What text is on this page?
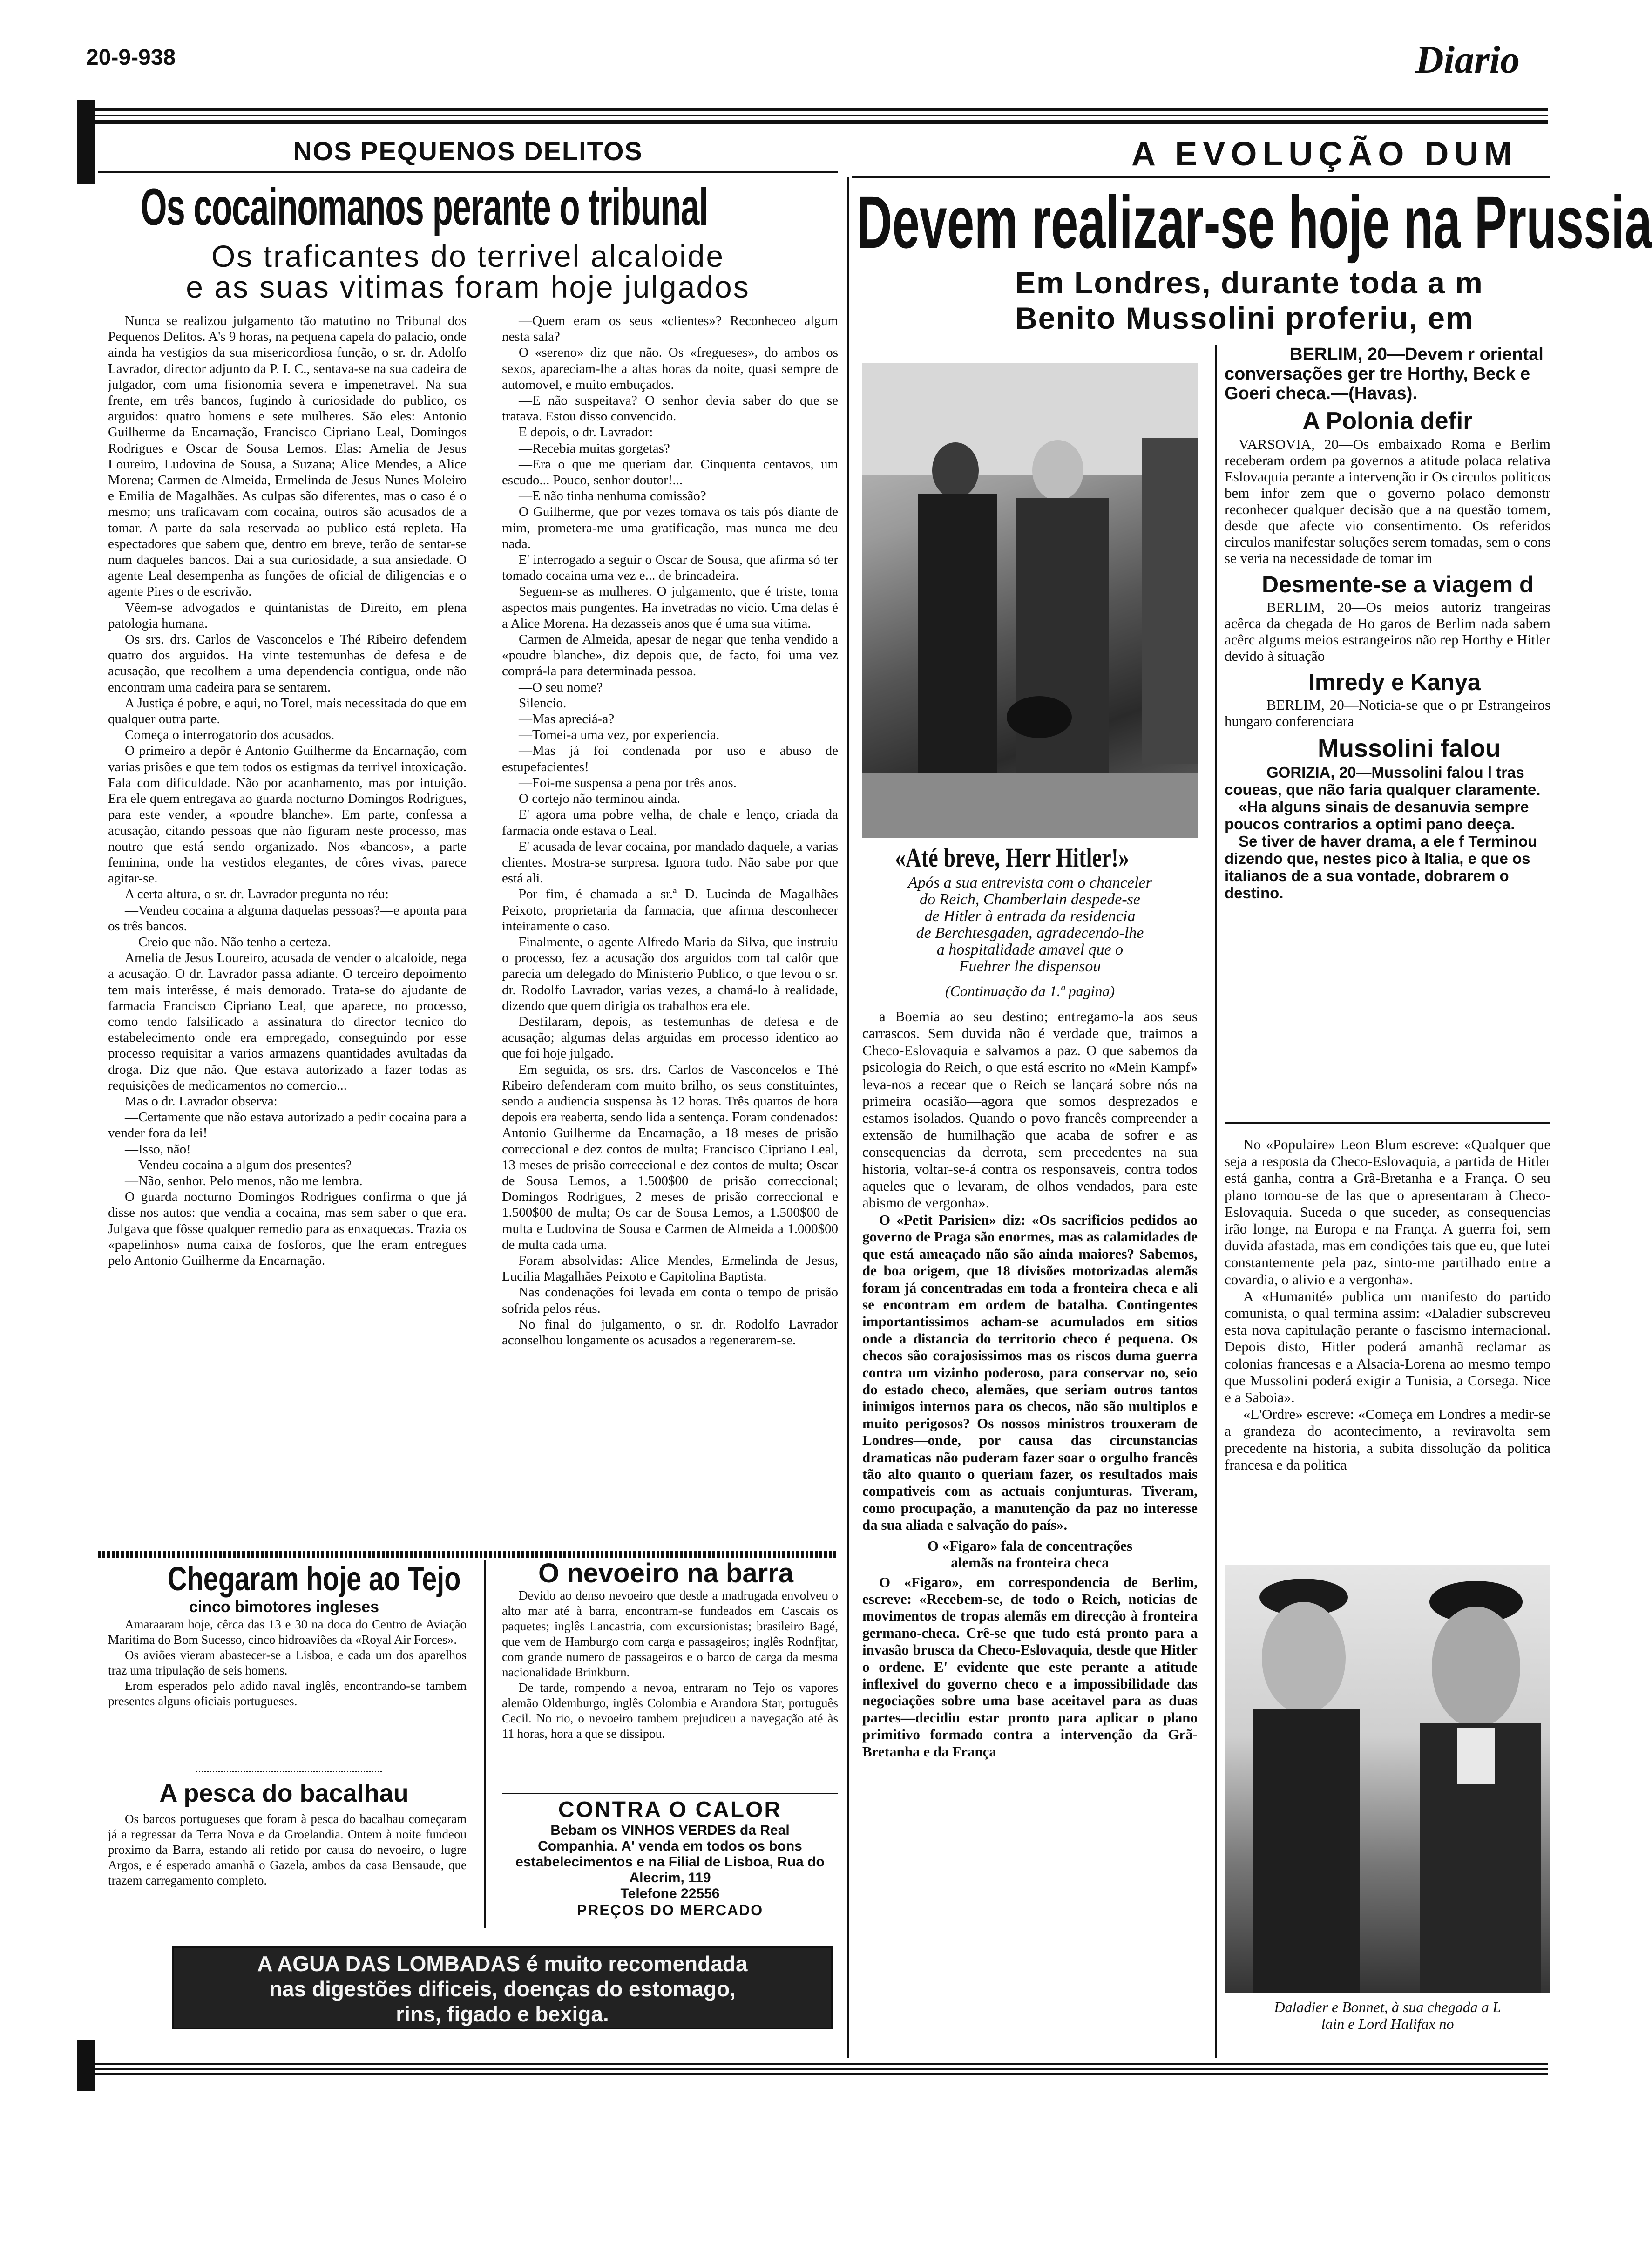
20-9-938	Diario
NOS PEQUENOS DELITOS
Os cocainomanos perante o tribunal
Os traficantes do terrivel alcaloide
e as suas vitimas foram hoje julgados

Nunca se realizou julgamento tão matutino no Tribunal dos Pequenos Delitos. A's 9 horas, na pequena capela do palacio, onde ainda ha vestigios da sua misericordiosa função, o sr. dr. Adolfo Lavrador, director adjunto da P. I. C., sentava-se na sua cadeira de julgador, com uma fisionomia severa e impenetravel. Na sua frente, em três bancos, fugindo à curiosidade do publico, os arguidos: quatro homens e sete mulheres. São eles: Antonio Guilherme da Encarnação, Francisco Cipriano Leal, Domingos Rodrigues e Oscar de Sousa Lemos. Elas: Amelia de Jesus Loureiro, Ludovina de Sousa, a Suzana; Alice Mendes, a Alice Morena; Carmen de Almeida, Ermelinda de Jesus Nunes Moleiro e Emilia de Magalhães. As culpas são diferentes, mas o caso é o mesmo; uns traficavam com cocaina, outros são acusados de a tomar. A parte da sala reservada ao publico está repleta. Ha espectadores que sabem que, dentro em breve, terão de sentar-se num daqueles bancos. Dai a sua curiosidade, a sua ansiedade. O agente Leal desempenha as funções de oficial de diligencias e o agente Pires o de escrivão.

Vêem-se advogados e quintanistas de Direito, em plena patologia humana.

Os srs. drs. Carlos de Vasconcelos e Thé Ribeiro defendem quatro dos arguidos. Ha vinte testemunhas de defesa e de acusação, que recolhem a uma dependencia contigua, onde não encontram uma cadeira para se sentarem.

A Justiça é pobre, e aqui, no Torel, mais necessitada do que em qualquer outra parte.

Começa o interrogatorio dos acusados.

O primeiro a depôr é Antonio Guilherme da Encarnação, com varias prisões e que tem todos os estigmas da terrivel intoxicação. Fala com dificuldade. Não por acanhamento, mas por intuição. Era ele quem entregava ao guarda nocturno Domingos Rodrigues, para este vender, a «poudre blanche». Em parte, confessa a acusação, citando pessoas que não figuram neste processo, mas noutro que está sendo organizado. Nos «bancos», a parte feminina, onde ha vestidos elegantes, de côres vivas, parece agitar-se.

A certa altura, o sr. dr. Lavrador pregunta no réu:

—Vendeu cocaina a alguma daquelas pessoas?—e aponta para os três bancos.

—Creio que não. Não tenho a certeza.

Amelia de Jesus Loureiro, acusada de vender o alcaloide, nega a acusação. O dr. Lavrador passa adiante. O terceiro depoimento tem mais interêsse, é mais demorado. Trata-se do ajudante de farmacia Francisco Cipriano Leal, que aparece, no processo, como tendo falsificado a assinatura do director tecnico do estabelecimento onde era empregado, conseguindo por esse processo requisitar a varios armazens quantidades avultadas da droga. Diz que não. Que estava autorizado a fazer todas as requisições de medicamentos no comercio...

Mas o dr. Lavrador observa:

—Certamente que não estava autorizado a pedir cocaina para a vender fora da lei!

—Isso, não!

—Vendeu cocaina a algum dos presentes?

—Não, senhor. Pelo menos, não me lembra.

O guarda nocturno Domingos Rodrigues confirma o que já disse nos autos: que vendia a cocaina, mas sem saber o que era. Julgava que fôsse qualquer remedio para as enxaquecas. Trazia os «papelinhos» numa caixa de fosforos, que lhe eram entregues pelo Antonio Guilherme da Encarnação.

—Quem eram os seus «clientes»? Reconheceo algum nesta sala?

O «sereno» diz que não. Os «fregueses», do ambos os sexos, apareciam-lhe a altas horas da noite, quasi sempre de automovel, e muito embuçados.

—E não suspeitava? O senhor devia saber do que se tratava. Estou disso convencido.

E depois, o dr. Lavrador:

—Recebia muitas gorgetas?

—Era o que me queriam dar. Cinquenta centavos, um escudo... Pouco, senhor doutor!...

—E não tinha nenhuma comissão?

O Guilherme, que por vezes tomava os tais pós diante de mim, prometera-me uma gratificação, mas nunca me deu nada.

E' interrogado a seguir o Oscar de Sousa, que afirma só ter tomado cocaina uma vez e... de brincadeira.

Seguem-se as mulheres. O julgamento, que é triste, toma aspectos mais pungentes. Ha invetradas no vicio. Uma delas é a Alice Morena. Ha dezasseis anos que é uma sua vitima.

Carmen de Almeida, apesar de negar que tenha vendido a «poudre blanche», diz depois que, de facto, foi uma vez comprá-la para determinada pessoa.

—O seu nome?

Silencio.

—Mas apreciá-a?

—Tomei-a uma vez, por experiencia.

—Mas já foi condenada por uso e abuso de estupefacientes!

—Foi-me suspensa a pena por três anos.

O cortejo não terminou ainda.

E' agora uma pobre velha, de chale e lenço, criada da farmacia onde estava o Leal.

E' acusada de levar cocaina, por mandado daquele, a varias clientes. Mostra-se surpresa. Ignora tudo. Não sabe por que está ali.

Por fim, é chamada a sr.ª D. Lucinda de Magalhães Peixoto, proprietaria da farmacia, que afirma desconhecer inteiramente o caso.

Finalmente, o agente Alfredo Maria da Silva, que instruiu o processo, fez a acusação dos arguidos com tal calôr que parecia um delegado do Ministerio Publico, o que levou o sr. dr. Rodolfo Lavrador, varias vezes, a chamá-lo à realidade, dizendo que quem dirigia os trabalhos era ele.

Desfilaram, depois, as testemunhas de defesa e de acusação; algumas delas arguidas em processo identico ao que foi hoje julgado.

Em seguida, os srs. drs. Carlos de Vasconcelos e Thé Ribeiro defenderam com muito brilho, os seus constituintes, sendo a audiencia suspensa às 12 horas. Três quartos de hora depois era reaberta, sendo lida a sentença. Foram condenados: Antonio Guilherme da Encarnação, a 18 meses de prisão correccional e dez contos de multa; Francisco Cipriano Leal, 13 meses de prisão correccional e dez contos de multa; Oscar de Sousa Lemos, a 1.500$00 de prisão correccional; Domingos Rodrigues, 2 meses de prisão correccional e 1.500$00 de multa; Os car de Sousa Lemos, a 1.500$00 de multa e Ludovina de Sousa e Carmen de Almeida a 1.000$00 de multa cada uma.

Foram absolvidas: Alice Mendes, Ermelinda de Jesus, Lucilia Magalhães Peixoto e Capitolina Baptista.

Nas condenações foi levada em conta o tempo de prisão sofrida pelos réus.

No final do julgamento, o sr. dr. Rodolfo Lavrador aconselhou longamente os acusados a regenerarem-se.

Chegaram hoje ao Tejo
cinco bimotores ingleses

Amaraaram hoje, cêrca das 13 e 30 na doca do Centro de Aviação Maritima do Bom Sucesso, cinco hidroaviões da «Royal Air Forces».

Os aviões vieram abastecer-se a Lisboa, e cada um dos aparelhos traz uma tripulação de seis homens.

Erom esperados pelo adido naval inglês, encontrando-se tambem presentes alguns oficiais portugueses.

A pesca do bacalhau

Os barcos portugueses que foram à pesca do bacalhau começaram já a regressar da Terra Nova e da Groelandia. Ontem à noite fundeou proximo da Barra, estando ali retido por causa do nevoeiro, o lugre Argos, e é esperado amanhã o Gazela, ambos da casa Bensaude, que trazem carregamento completo.

O nevoeiro na barra

Devido ao denso nevoeiro que desde a madrugada envolveu o alto mar até à barra, encontram-se fundeados em Cascais os paquetes; inglês Lancastria, com excursionistas; brasileiro Bagé, que vem de Hamburgo com carga e passageiros; inglês Rodnfjtar, com grande numero de passageiros e o barco de carga da mesma nacionalidade Brinkburn.

De tarde, rompendo a nevoa, entraram no Tejo os vapores alemão Oldemburgo, inglês Colombia e Arandora Star, português Cecil. No rio, o nevoeiro tambem prejudiceu a navegação até às 11 horas, hora a que se dissipou.

CONTRA O CALOR
Bebam os VINHOS VERDES da Real Companhia. A' venda em todos os bons estabelecimentos e na Filial de Lisboa, Rua do Alecrim, 119
Telefone 22556
PREÇOS DO MERCADO
A AGUA DAS LOMBADAS é muito recomendada
nas digestões dificeis, doenças do estomago,
rins, figado e bexiga.
A EVOLUÇÃO DUM
Devem realizar-se hoje na Prussia
Em Londres, durante toda a m
Benito Mussolini proferiu, em
«Até breve, Herr Hitler!»
Após a sua entrevista com o chanceler
do Reich, Chamberlain despede-se
de Hitler à entrada da residencia
de Berchtesgaden, agradecendo-lhe
a hospitalidade amavel que o
Fuehrer lhe dispensou
(Continuação da 1.ª pagina)

a Boemia ao seu destino; entregamo-la aos seus carrascos. Sem duvida não é verdade que, traimos a Checo-Eslovaquia e salvamos a paz. O que sabemos da psicologia do Reich, o que está escrito no «Mein Kampf» leva-nos a recear que o Reich se lançará sobre nós na primeira ocasião—agora que somos desprezados e estamos isolados. Quando o povo francês compreender a extensão de humilhação que acaba de sofrer e as consequencias da derrota, sem precedentes na sua historia, voltar-se-á contra os responsaveis, contra todos aqueles que o levaram, de olhos vendados, para este abismo de vergonha».

O «Petit Parisien» diz: «Os sacrificios pedidos ao governo de Praga são enormes, mas as calamidades de que está ameaçado não são ainda maiores? Sabemos, de boa origem, que 18 divisões motorizadas alemãs foram já concentradas em toda a fronteira checa e ali se encontram em ordem de batalha. Contingentes importantissimos acham-se acumulados em sitios onde a distancia do territorio checo é pequena. Os checos são corajosissimos mas os riscos duma guerra contra um vizinho poderoso, para conservar no, seio do estado checo, alemães, que seriam outros tantos inimigos internos para os checos, não são multiplos e muito perigosos? Os nossos ministros trouxeram de Londres—onde, por causa das circunstancias dramaticas não puderam fazer soar o orgulho francês tão alto quanto o queriam fazer, os resultados mais compativeis com as actuais conjunturas. Tiveram, como procupação, a manutenção da paz no interesse da sua aliada e salvação do país».

O «Figaro» fala de concentrações
alemãs na fronteira checa

O «Figaro», em correspondencia de Berlim, escreve: «Recebem-se, de todo o Reich, noticias de movimentos de tropas alemãs em direcção à fronteira germano-checa. Crê-se que tudo está pronto para a invasão brusca da Checo-Eslovaquia, desde que Hitler o ordene. E' evidente que este perante a atitude inflexivel do governo checo e a impossibilidade das negociações sobre uma base aceitavel para as duas partes—decidiu estar pronto para aplicar o plano primitivo formado contra a intervenção da Grã-Bretanha e da França

BERLIM, 20—Devem r oriental conversações ger tre Horthy, Beck e Goeri checa.—(Havas).
A Polonia defir
VARSOVIA, 20—Os embaixado Roma e Berlim receberam ordem pa governos a atitude polaca relativa Eslovaquia perante a intervenção ir Os circulos politicos bem infor zem que o governo polaco demonstr reconhecer qualquer decisão que a na questão tomem, desde que afecte vio consentimento. Os referidos circulos manifestar soluções serem tomadas, sem o cons se veria na necessidade de tomar im
Desmente-se a viagem d
BERLIM, 20—Os meios autoriz trangeiras acêrca da chegada de Ho garos de Berlim nada sabem acêrc algums meios estrangeiros não rep Horthy e Hitler devido à situação
Imredy e Kanya
BERLIM, 20—Noticia-se que o pr Estrangeiros hungaro conferenciara
Mussolini falou
GORIZIA, 20—Mussolini falou l tras coueas, que não faria qualquer claramente.
«Ha alguns sinais de desanuvia sempre poucos contrarios a optimi pano deeça.
Se tiver de haver drama, a ele f Terminou dizendo que, nestes pico à Italia, e que os italianos de a sua vontade, dobrarem o destino.
No «Populaire» Leon Blum escreve: «Qualquer que seja a resposta da Checo-Eslovaquia, a partida de Hitler está ganha, contra a Grã-Bretanha e a França. O seu plano tornou-se de las que o apresentaram à Checo-Eslovaquia. Suceda o que suceder, as consequencias irão longe, na Europa e na França. A guerra foi, sem duvida afastada, mas em condições tais que eu, que lutei constantemente pela paz, sinto-me partilhado entre a covardia, o alivio e a vergonha».
A «Humanité» publica um manifesto do partido comunista, o qual termina assim: «Daladier subscreveu esta nova capitulação perante o fascismo internacional. Depois disto, Hitler poderá amanhã reclamar as colonias francesas e a Alsacia-Lorena ao mesmo tempo que Mussolini poderá exigir a Tunisia, a Corsega. Nice e a Saboia».
«L'Ordre» escreve: «Começa em Londres a medir-se a grandeza do acontecimento, a reviravolta sem precedente na historia, a subita dissolução da politica francesa e da politica
Daladier e Bonnet, à sua chegada a L
lain e Lord Halifax no
